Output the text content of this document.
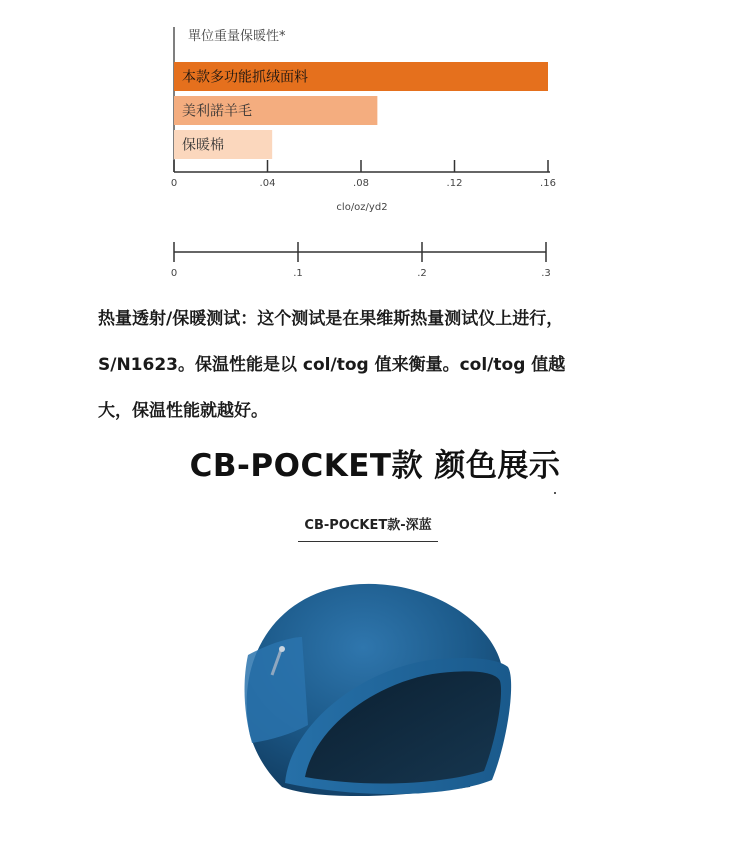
單位重量保暖性*
本款多功能抓绒面料
美利諾羊毛
保暖棉
0	.04	.08	.12	.16
clo/oz/yd2
0	.1	.2	.3

热量透射/保暖测试：这个测试是在果维斯热量测试仪上进行，
S/N1623。保温性能是以 col/tog 值来衡量。col/tog 值越
大，保温性能就越好。

CB-POCKET款 颜色展示
CB-POCKET款-深蓝
